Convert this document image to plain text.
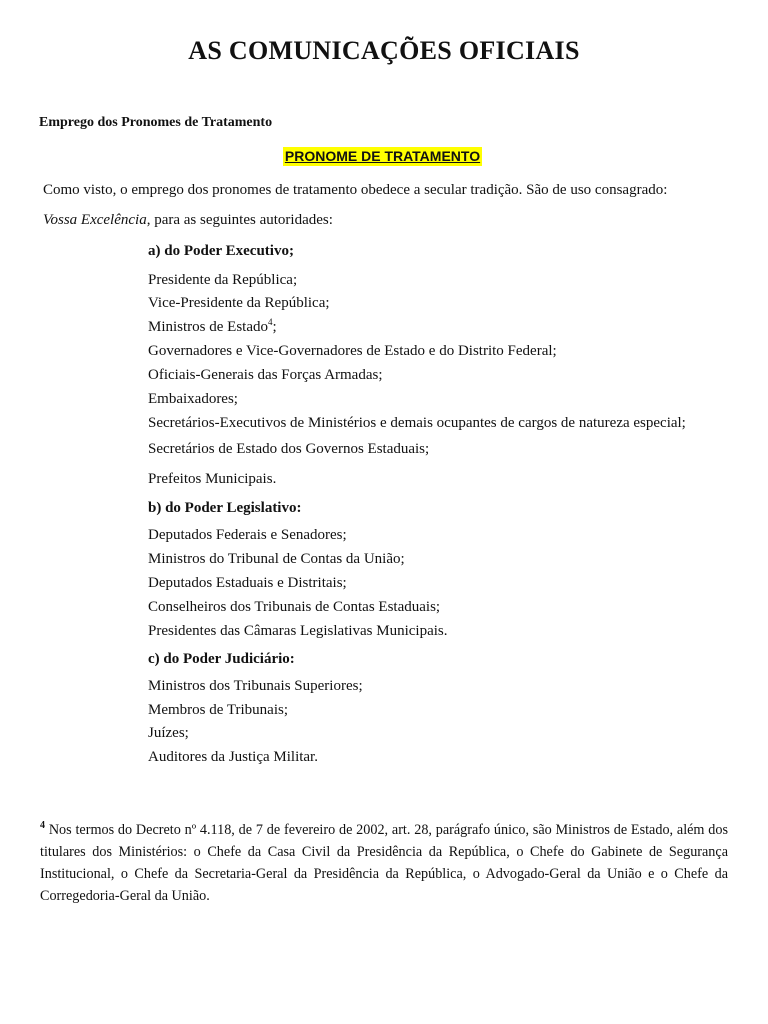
AS COMUNICAÇÕES OFICIAIS
Emprego dos Pronomes de Tratamento
PRONOME DE TRATAMENTO
Como visto, o emprego dos pronomes de tratamento obedece a secular tradição. São de uso consagrado:
Vossa Excelência, para as seguintes autoridades:
a) do Poder Executivo;
Presidente da República;
Vice-Presidente da República;
Ministros de Estado$^4$;
Governadores e Vice-Governadores de Estado e do Distrito Federal;
Oficiais-Generais das Forças Armadas;
Embaixadores;
Secretários-Executivos de Ministérios e demais ocupantes de cargos de natureza especial;
Secretários de Estado dos Governos Estaduais;
Prefeitos Municipais.
b) do Poder Legislativo:
Deputados Federais e Senadores;
Ministros do Tribunal de Contas da União;
Deputados Estaduais e Distritais;
Conselheiros dos Tribunais de Contas Estaduais;
Presidentes das Câmaras Legislativas Municipais.
c) do Poder Judiciário:
Ministros dos Tribunais Superiores;
Membros de Tribunais;
Juízes;
Auditores da Justiça Militar.
$^4$ Nos termos do Decreto nº 4.118, de 7 de fevereiro de 2002, art. 28, parágrafo único, são Ministros de Estado, além dos titulares dos Ministérios: o Chefe da Casa Civil da Presidência da República, o Chefe do Gabinete de Segurança Institucional, o Chefe da Secretaria-Geral da Presidência da República, o Advogado-Geral da União e o Chefe da Corregedoria-Geral da União.
